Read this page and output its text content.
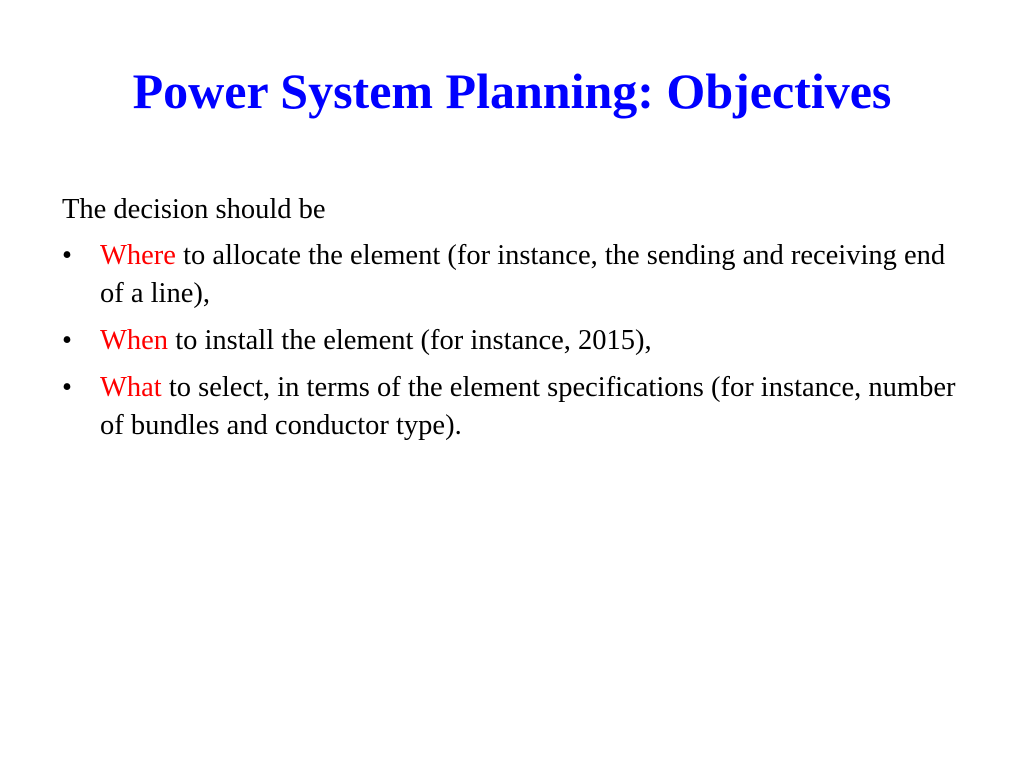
Power System Planning: Objectives

The decision should be

• Where to allocate the element (for instance, the sending and receiving end of a line),
• When to install the element (for instance, 2015),
• What to select, in terms of the element specifications (for instance, number of bundles and conductor type).
